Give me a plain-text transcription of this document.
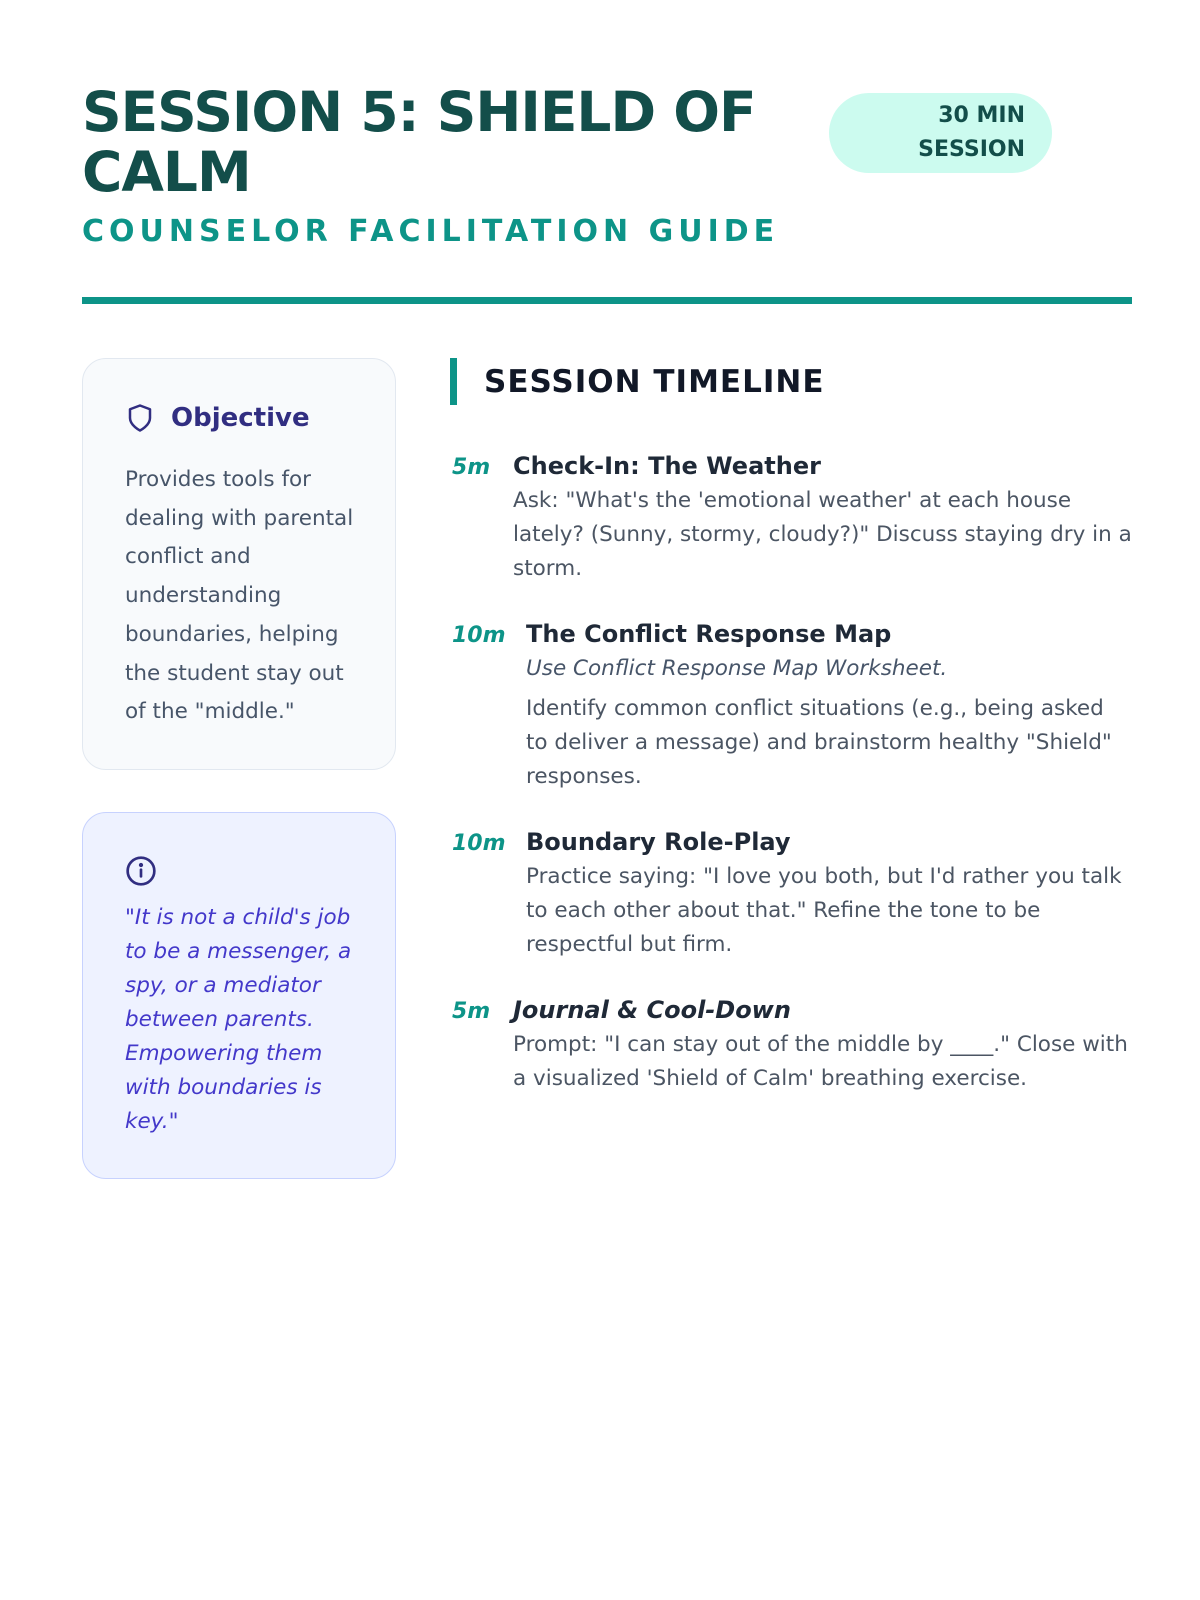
SESSION 5: SHIELD OF CALM
COUNSELOR FACILITATION GUIDE
30 MIN
SESSION
Objective

Provides tools for dealing with parental conflict and understanding boundaries, helping the student stay out of the "middle."

"It is not a child's job to be a messenger, a spy, or a mediator between parents. Empowering them with boundaries is key."

SESSION TIMELINE
5m Check-In: The Weather
Ask: "What's the 'emotional weather' at each house lately? (Sunny, stormy, cloudy?)" Discuss staying dry in a storm.
10m The Conflict Response Map
Use Conflict Response Map Worksheet.
Identify common conflict situations (e.g., being asked to deliver a message) and brainstorm healthy "Shield" responses.
10m Boundary Role-Play
Practice saying: "I love you both, but I'd rather you talk to each other about that." Refine the tone to be respectful but firm.
5m Journal & Cool-Down
Prompt: "I can stay out of the middle by ____." Close with a visualized 'Shield of Calm' breathing exercise.
